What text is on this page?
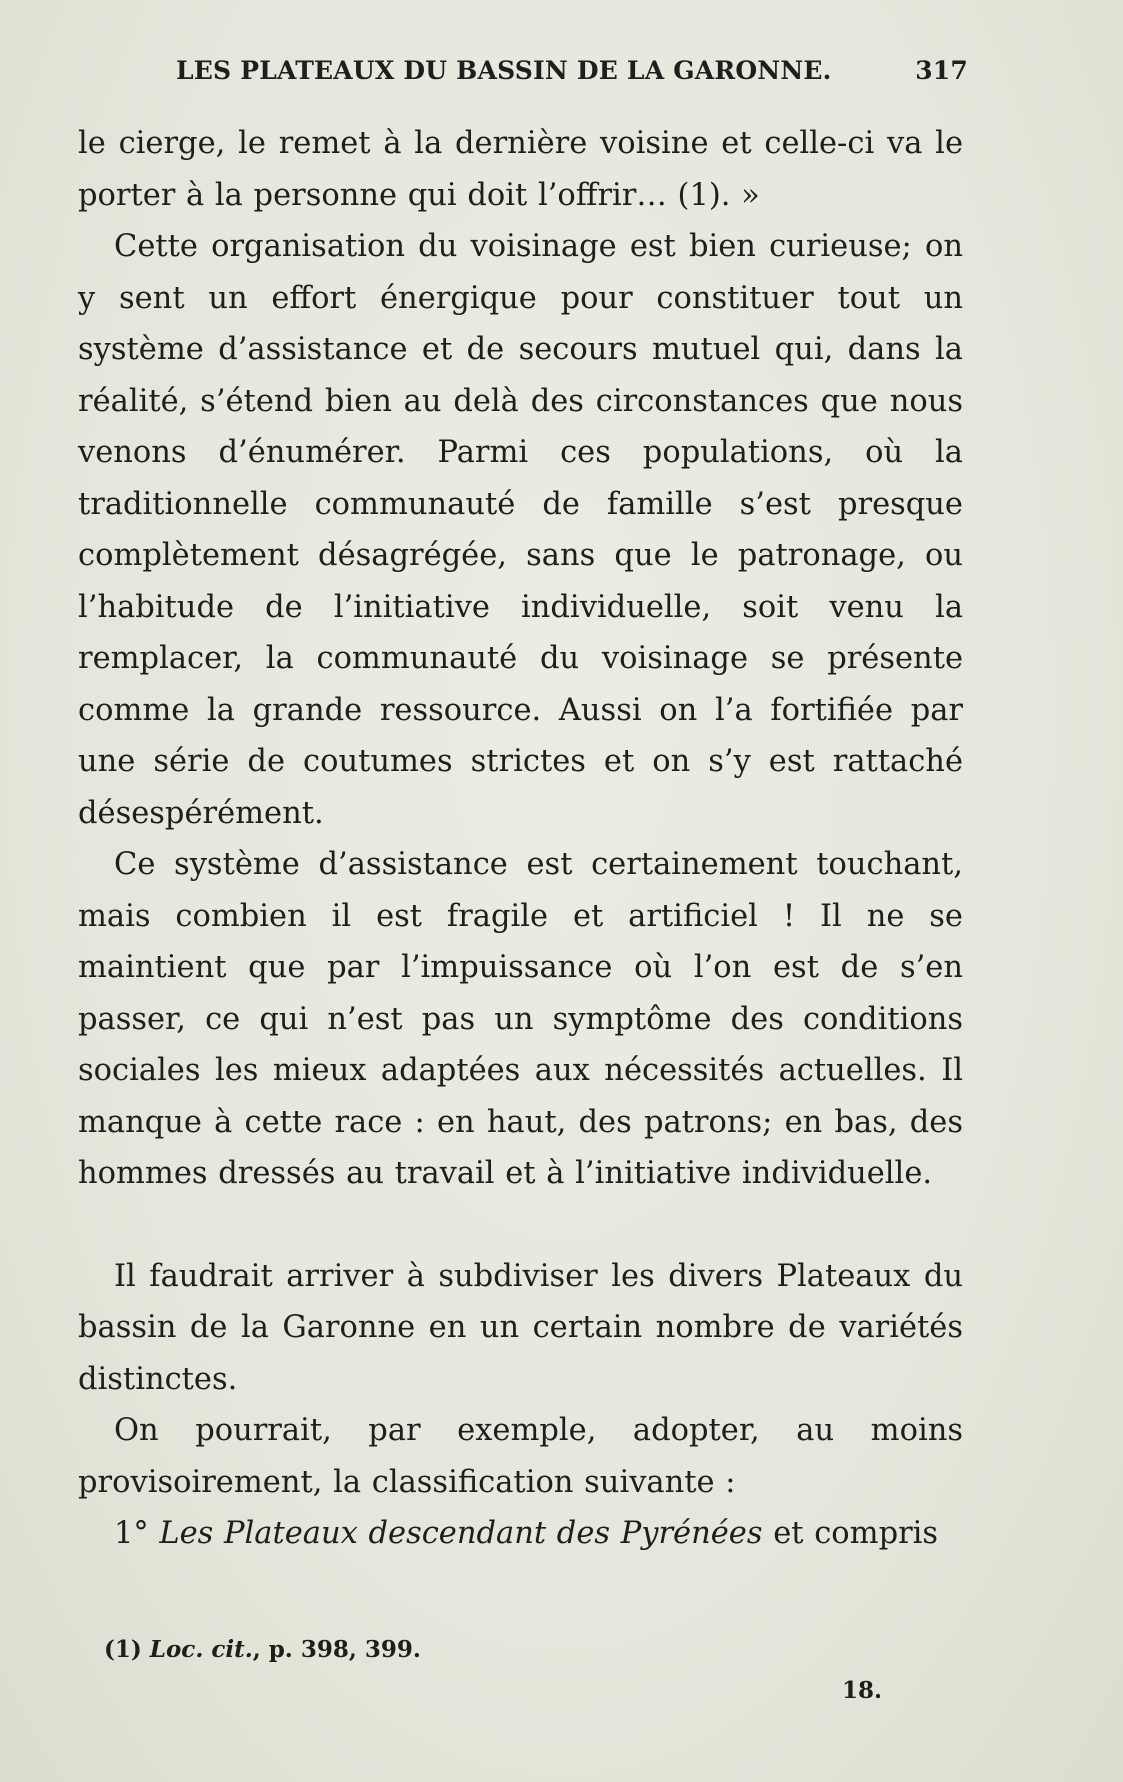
LES PLATEAUX DU BASSIN DE LA GARONNE.	317

le cierge, le remet à la dernière voisine et celle-ci va le porter à la personne qui doit l’offrir… (1). »

Cette organisation du voisinage est bien curieuse; on y sent un effort énergique pour constituer tout un système d’assistance et de secours mutuel qui, dans la réalité, s’étend bien au delà des circonstances que nous venons d’énumérer. Parmi ces populations, où la traditionnelle communauté de famille s’est presque complètement désagrégée, sans que le patronage, ou l’habitude de l’initiative individuelle, soit venu la remplacer, la communauté du voisinage se présente comme la grande ressource. Aussi on l’a fortifiée par une série de coutumes strictes et on s’y est rattaché désespérément.

Ce système d’assistance est certainement touchant, mais combien il est fragile et artificiel ! Il ne se maintient que par l’impuissance où l’on est de s’en passer, ce qui n’est pas un symptôme des conditions sociales les mieux adaptées aux nécessités actuelles. Il manque à cette race : en haut, des patrons; en bas, des hommes dressés au travail et à l’initiative individuelle.

Il faudrait arriver à subdiviser les divers Plateaux du bassin de la Garonne en un certain nombre de variétés distinctes.

On pourrait, par exemple, adopter, au moins provisoirement, la classification suivante :

1° Les Plateaux descendant des Pyrénées et compris

(1) Loc. cit., p. 398, 399.
18.
